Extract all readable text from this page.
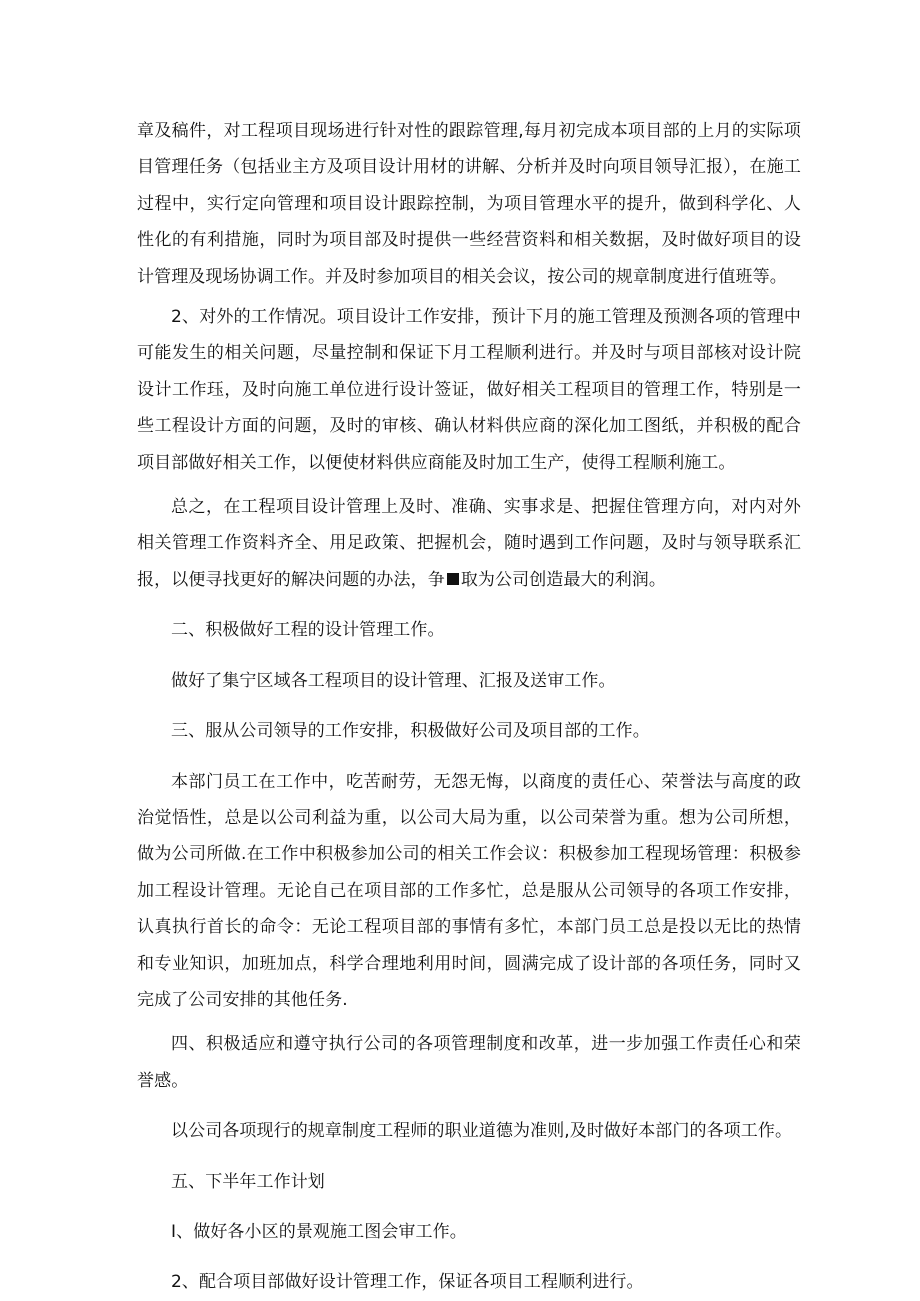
章及稿件，对工程项目现场进行针对性的跟踪管理,每月初完成本项目部的上月的实际项目管理任务（包括业主方及项目设计用材的讲解、分析并及时向项目领导汇报），在施工过程中，实行定向管理和项目设计跟踪控制，为项目管理水平的提升，做到科学化、人性化的有利措施，同时为项目部及时提供一些经营资料和相关数据，及时做好项目的设计管理及现场协调工作。并及时参加项目的相关会议，按公司的规章制度进行值班等。

2、对外的工作情况。项目设计工作安排，预计下月的施工管理及预测各项的管理中可能发生的相关问题，尽量控制和保证下月工程顺利进行。并及时与项目部核对设计院设计工作珏，及时向施工单位进行设计签证，做好相关工程项目的管理工作，特别是一些工程设计方面的问题，及时的审核、确认材料供应商的深化加工图纸，并积极的配合项目部做好相关工作，以便使材料供应商能及时加工生产，使得工程顺利施工。

总之，在工程项目设计管理上及时、准确、实事求是、把握住管理方向，对内对外相关管理工作资料齐全、用足政策、把握机会，随时遇到工作问题，及时与领导联系汇报，以便寻找更好的解决问题的办法，争 取为公司创造最大的利润。

二、积极做好工程的设计管理工作。

做好了集宁区域各工程项目的设计管理、汇报及送审工作。

三、服从公司领导的工作安排，积极做好公司及项目部的工作。

本部门员工在工作中，吃苦耐劳，无怨无悔，以商度的责任心、荣誉法与高度的政治觉悟性，总是以公司利益为重，以公司大局为重，以公司荣誉为重。想为公司所想，做为公司所做.在工作中积极参加公司的相关工作会议：积极参加工程现场管理：积极参加工程设计管理。无论自己在项目部的工作多忙，总是服从公司领导的各项工作安排，认真执行首长的命令：无论工程项目部的事情有多忙，本部门员工总是投以无比的热情和专业知识，加班加点，科学合理地利用时间，圆满完成了设计部的各项任务，同时又完成了公司安排的其他任务.

四、积极适应和遵守执行公司的各项管理制度和改革，进一步加强工作责任心和荣誉感。

以公司各项现行的规章制度工程师的职业道德为准则,及时做好本部门的各项工作。

五、下半年工作计划

I、做好各小区的景观施工图会审工作。

2、配合项目部做好设计管理工作，保证各项目工程顺利进行。
